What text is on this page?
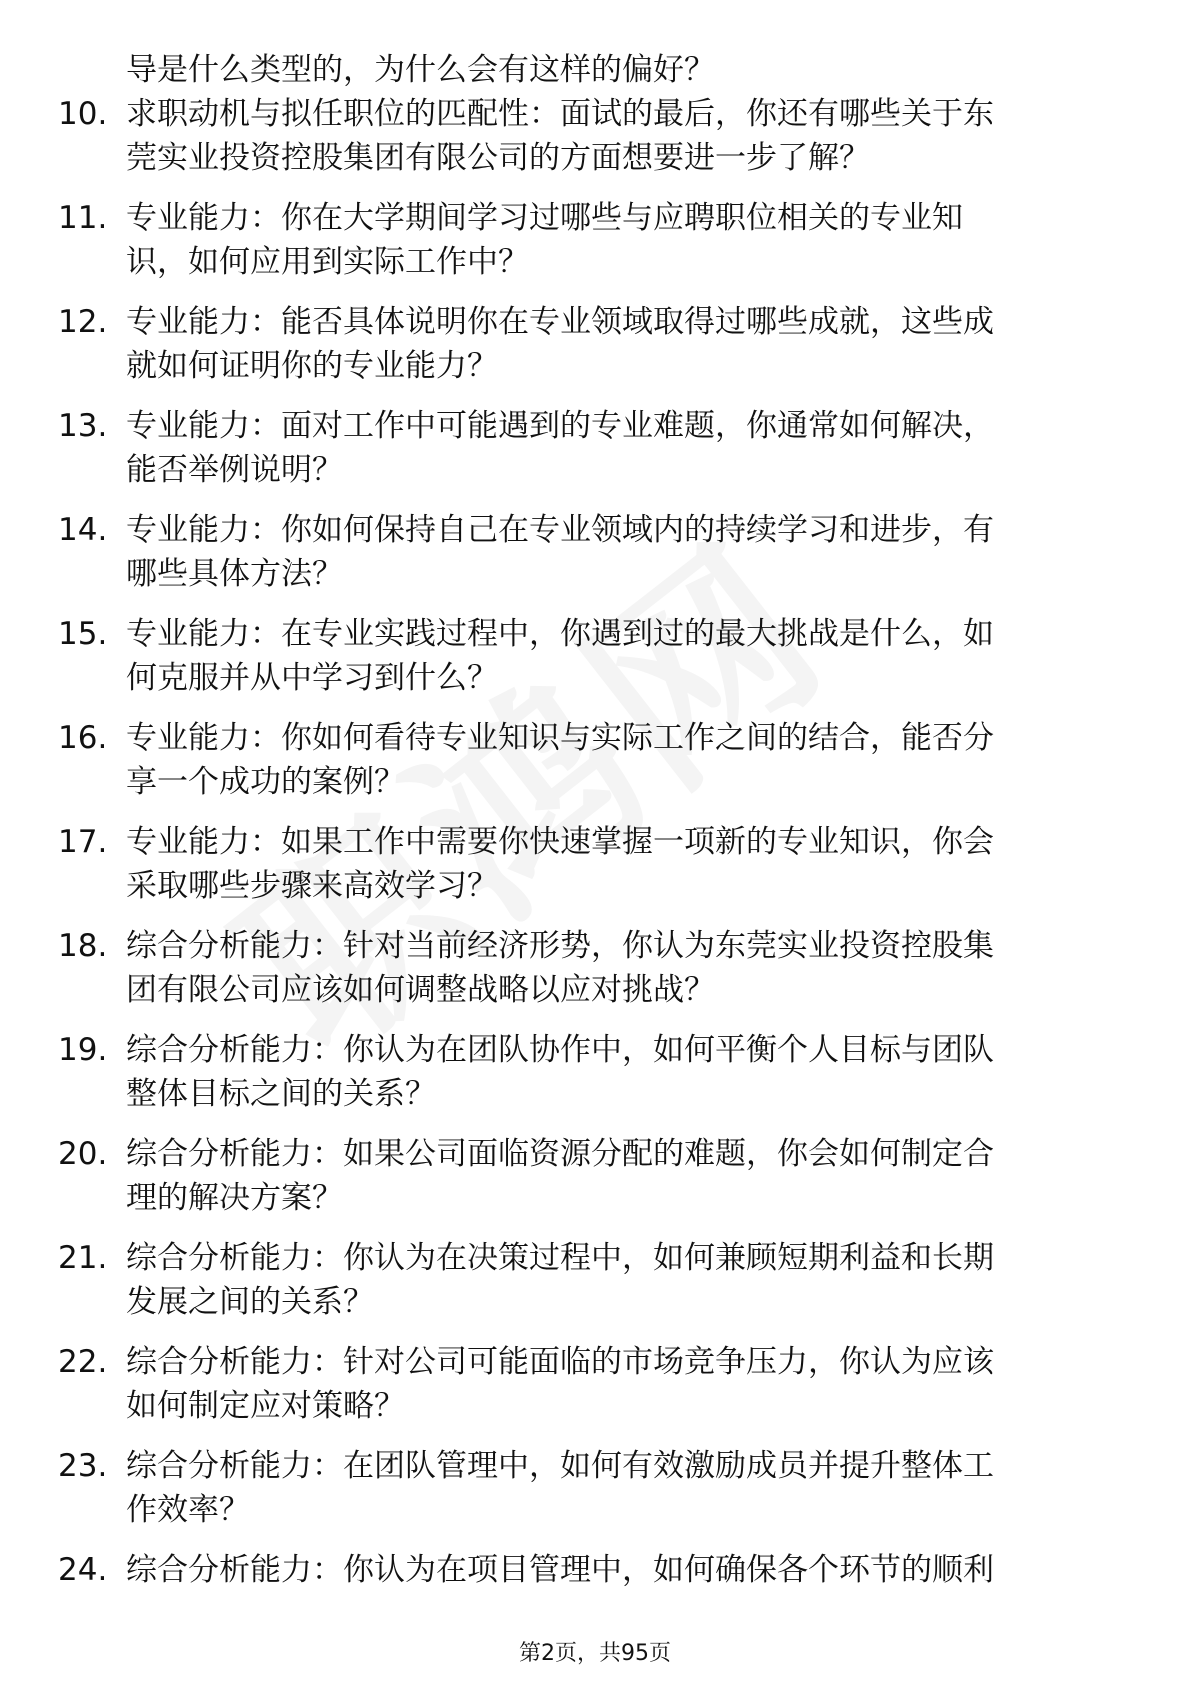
导是什么类型的，为什么会有这样的偏好？
10. 求职动机与拟任职位的匹配性：面试的最后，你还有哪些关于东
莞实业投资控股集团有限公司的方面想要进一步了解？
11. 专业能力：你在大学期间学习过哪些与应聘职位相关的专业知
识，如何应用到实际工作中？
12. 专业能力：能否具体说明你在专业领域取得过哪些成就，这些成
就如何证明你的专业能力？
13. 专业能力：面对工作中可能遇到的专业难题，你通常如何解决，
能否举例说明？
14. 专业能力：你如何保持自己在专业领域内的持续学习和进步，有
哪些具体方法？
15. 专业能力：在专业实践过程中，你遇到过的最大挑战是什么，如
何克服并从中学习到什么？
16. 专业能力：你如何看待专业知识与实际工作之间的结合，能否分
享一个成功的案例？
17. 专业能力：如果工作中需要你快速掌握一项新的专业知识，你会
采取哪些步骤来高效学习？
18. 综合分析能力：针对当前经济形势，你认为东莞实业投资控股集
团有限公司应该如何调整战略以应对挑战？
19. 综合分析能力：你认为在团队协作中，如何平衡个人目标与团队
整体目标之间的关系？
20. 综合分析能力：如果公司面临资源分配的难题，你会如何制定合
理的解决方案？
21. 综合分析能力：你认为在决策过程中，如何兼顾短期利益和长期
发展之间的关系？
22. 综合分析能力：针对公司可能面临的市场竞争压力，你认为应该
如何制定应对策略？
23. 综合分析能力：在团队管理中，如何有效激励成员并提升整体工
作效率？
24. 综合分析能力：你认为在项目管理中，如何确保各个环节的顺利
第2页，共95页
